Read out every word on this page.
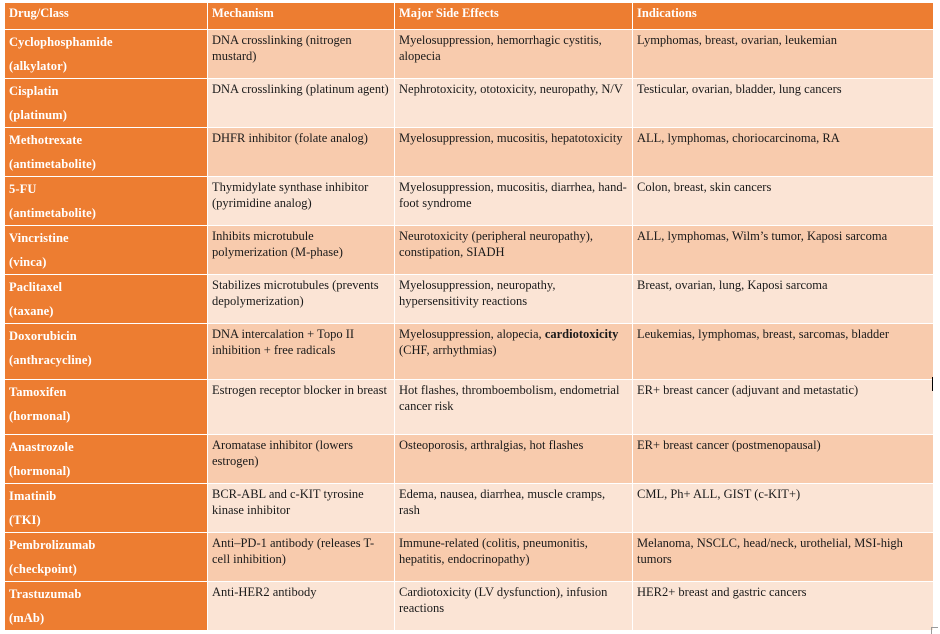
Drug/Class	Mechanism	Major Side Effects	Indications

Cyclophosphamide
(alkylator)	DNA crosslinking (nitrogen mustard)	Myelosuppression, hemorrhagic cystitis, alopecia	Lymphomas, breast, ovarian, leukemian

Cisplatin
(platinum)	DNA crosslinking (platinum agent)	Nephrotoxicity, ototoxicity, neuropathy, N/V	Testicular, ovarian, bladder, lung cancers

Methotrexate
(antimetabolite)	DHFR inhibitor (folate analog)	Myelosuppression, mucositis, hepatotoxicity	ALL, lymphomas, choriocarcinoma, RA

5-FU
(antimetabolite)	Thymidylate synthase inhibitor (pyrimidine analog)	Myelosuppression, mucositis, diarrhea, hand-foot syndrome	Colon, breast, skin cancers

Vincristine
(vinca)	Inhibits microtubule polymerization (M-phase)	Neurotoxicity (peripheral neuropathy), constipation, SIADH	ALL, lymphomas, Wilm’s tumor, Kaposi sarcoma

Paclitaxel
(taxane)	Stabilizes microtubules (prevents depolymerization)	Myelosuppression, neuropathy, hypersensitivity reactions	Breast, ovarian, lung, Kaposi sarcoma

Doxorubicin
(anthracycline)	DNA intercalation + Topo II inhibition + free radicals	Myelosuppression, alopecia, cardiotoxicity (CHF, arrhythmias)	Leukemias, lymphomas, breast, sarcomas, bladder

Tamoxifen
(hormonal)	Estrogen receptor blocker in breast	Hot flashes, thromboembolism, endometrial cancer risk	ER+ breast cancer (adjuvant and metastatic)

Anastrozole
(hormonal)	Aromatase inhibitor (lowers estrogen)	Osteoporosis, arthralgias, hot flashes	ER+ breast cancer (postmenopausal)

Imatinib
(TKI)	BCR-ABL and c-KIT tyrosine kinase inhibitor	Edema, nausea, diarrhea, muscle cramps, rash	CML, Ph+ ALL, GIST (c-KIT+)

Pembrolizumab
(checkpoint)	Anti–PD-1 antibody (releases T-cell inhibition)	Immune-related (colitis, pneumonitis, hepatitis, endocrinopathy)	Melanoma, NSCLC, head/neck, urothelial, MSI-high tumors

Trastuzumab
(mAb)	Anti-HER2 antibody	Cardiotoxicity (LV dysfunction), infusion reactions	HER2+ breast and gastric cancers
